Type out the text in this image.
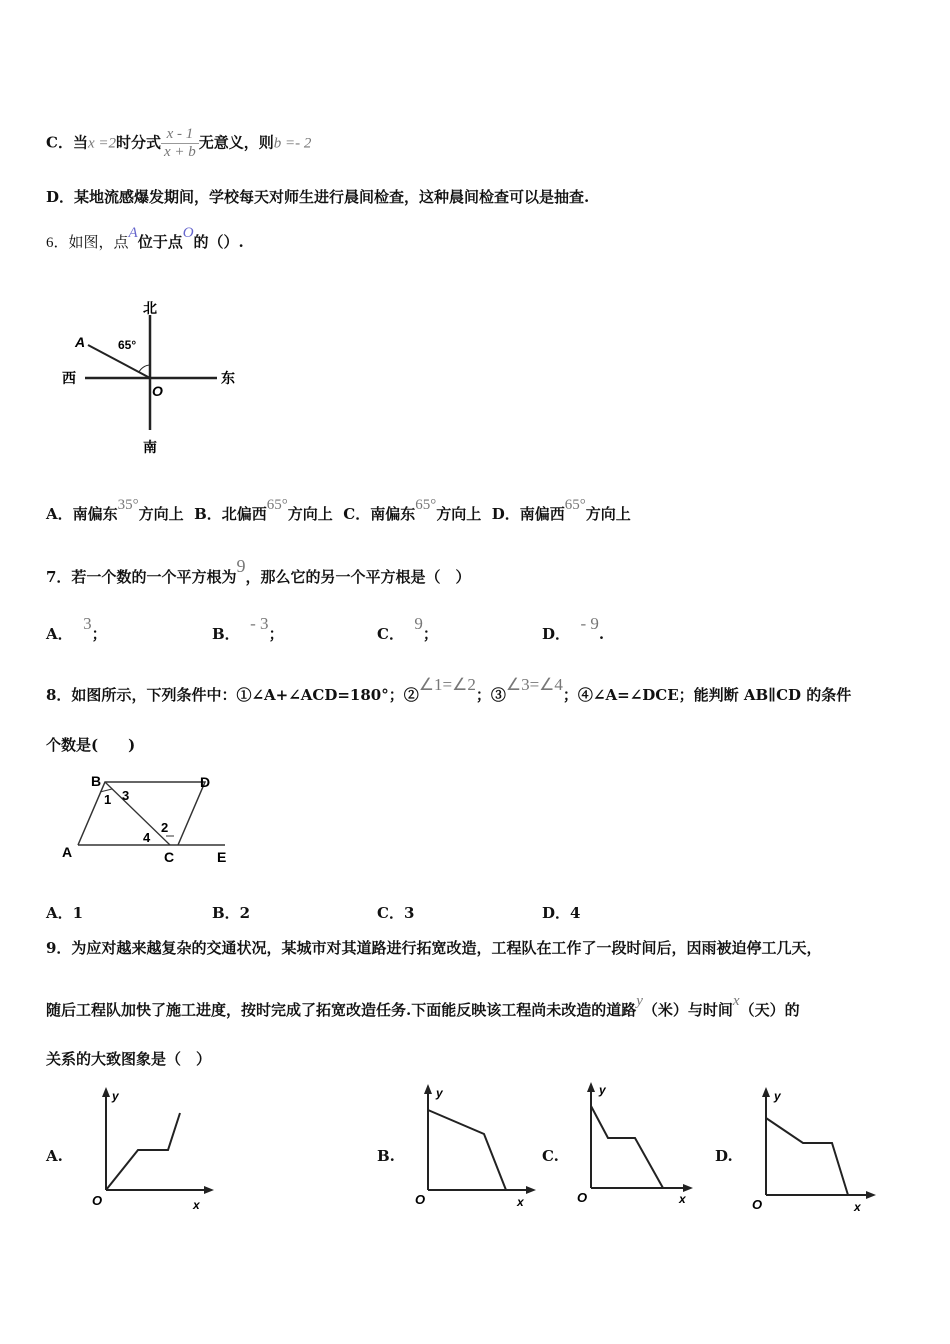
C．当x =2时分式 $\frac{x - 1}{x + b}$ 无意义，则b =- 2
D．某地流感爆发期间，学校每天对师生进行晨间检查，这种晨间检查可以是抽查.
6．如图，点A位于点O的（）.
北
南
西	东
A
O
65°
A．南偏东35°方向上 B．北偏西65°方向上 C．南偏东65°方向上 D．南偏西65°方向上
7．若一个数的一个平方根为9，那么它的另一个平方根是（　）
A．  3；	B．  - 3；	C．  9；	D．  - 9.
8．如图所示，下列条件中：①∠A+∠ACD=180°；②∠1=∠2；③∠3=∠4；④∠A=∠DCE；能判断 AB∥CD 的条件
个数是(　　)
B	D
A	C	E
1
2
3
4
A．1	B．2	C．3	D．4
9．为应对越来越复杂的交通状况，某城市对其道路进行拓宽改造，工程队在工作了一段时间后，因雨被迫停工几天，
随后工程队加快了施工进度，按时完成了拓宽改造任务.下面能反映该工程尚未改造的道路y（米）与时间x（天）的
关系的大致图象是（　）
A.	B.	C.	D.
y
x
O
y
x
O
y
x
O
y
x
O
